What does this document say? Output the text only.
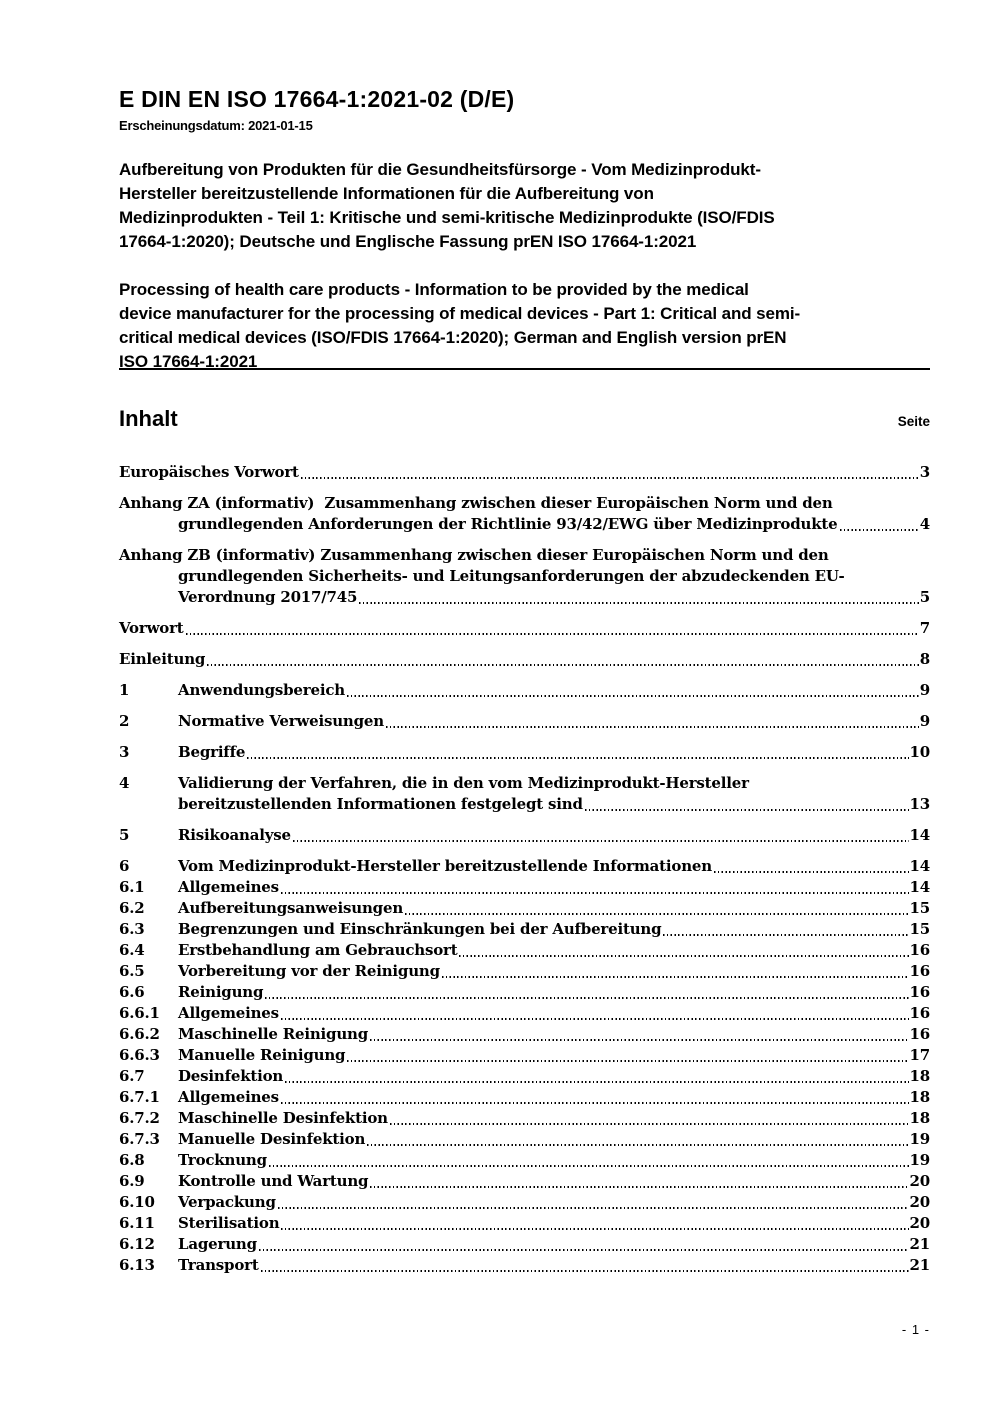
E DIN EN ISO 17664-1:2021-02 (D/E)
Erscheinungsdatum: 2021-01-15
Aufbereitung von Produkten für die Gesundheitsfürsorge - Vom Medizinprodukt-
Hersteller bereitzustellende Informationen für die Aufbereitung von
Medizinprodukten - Teil 1: Kritische und semi-kritische Medizinprodukte (ISO/FDIS
17664-1:2020); Deutsche und Englische Fassung prEN ISO 17664-1:2021
Processing of health care products - Information to be provided by the medical
device manufacturer for the processing of medical devices - Part 1: Critical and semi-
critical medical devices (ISO/FDIS 17664-1:2020); German and English version prEN
ISO 17664-1:2021
Inhalt	Seite
Europäisches Vorwort	3
Anhang ZA (informativ)  Zusammenhang zwischen dieser Europäischen Norm und den
grundlegenden Anforderungen der Richtlinie 93/42/EWG über Medizinprodukte	4
Anhang ZB (informativ) Zusammenhang zwischen dieser Europäischen Norm und den
grundlegenden Sicherheits- und Leitungsanforderungen der abzudeckenden EU-
Verordnung 2017/745	5
Vorwort	7
Einleitung	8
1	Anwendungsbereich	9
2	Normative Verweisungen	9
3	Begriffe	10
4	Validierung der Verfahren, die in den vom Medizinprodukt-Hersteller
bereitzustellenden Informationen festgelegt sind	13
5	Risikoanalyse	14
6	Vom Medizinprodukt-Hersteller bereitzustellende Informationen	14
6.1	Allgemeines	14
6.2	Aufbereitungsanweisungen	15
6.3	Begrenzungen und Einschränkungen bei der Aufbereitung	15
6.4	Erstbehandlung am Gebrauchsort	16
6.5	Vorbereitung vor der Reinigung	16
6.6	Reinigung	16
6.6.1	Allgemeines	16
6.6.2	Maschinelle Reinigung	16
6.6.3	Manuelle Reinigung	17
6.7	Desinfektion	18
6.7.1	Allgemeines	18
6.7.2	Maschinelle Desinfektion	18
6.7.3	Manuelle Desinfektion	19
6.8	Trocknung	19
6.9	Kontrolle und Wartung	20
6.10	Verpackung	20
6.11	Sterilisation	20
6.12	Lagerung	21
6.13	Transport	21
- 1 -
